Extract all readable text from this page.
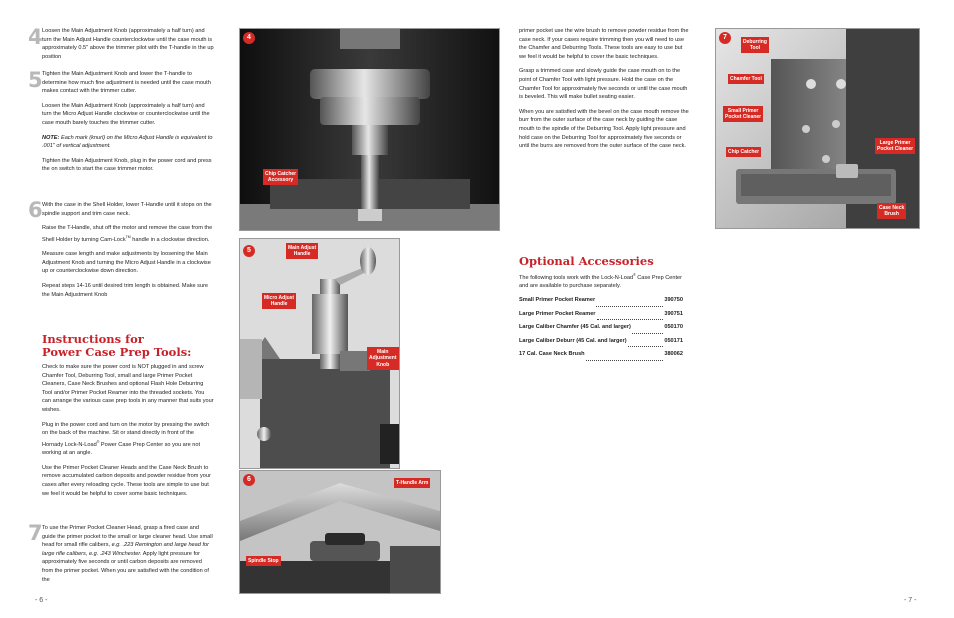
4 Loosen the Main Adjustment Knob (approximately a half turn) and turn the Main Adjust Handle counterclockwise until the case mouth is approximately 0.5" above the trimmer pilot with the T-handle in the up position

5 Tighten the Main Adjustment Knob and lower the T-handle to determine how much fine adjustment is needed until the case mouth makes contact with the trimmer cutter.

Loosen the Main Adjustment Knob (approximately a half turn) and turn the Micro Adjust Handle clockwise or counterclockwise until the case mouth barely touches the trimmer cutter.

NOTE: Each mark (knurl) on the Micro Adjust Handle is equivalent to .001" of vertical adjustment.

Tighten the Main Adjustment Knob, plug in the power cord and press the on switch to start the case trimmer motor.

6 With the case in the Shell Holder, lower T-Handle until it stops on the spindle support and trim case neck.

Raise the T-Handle, shut off the motor and remove the case from the Shell Holder by turning Cam-Lock™ handle in a clockwise direction.

Measure case length and make adjustments by loosening the Main Adjustment Knob and turning the Micro Adjust Handle in a clockwise up or counterclockwise down direction.

Repeat steps 14-16 until desired trim length is obtained. Make sure the Main Adjustment Knob

Instructions for
Power Case Prep Tools:

Check to make sure the power cord is NOT plugged in and screw Chamfer Tool, Deburring Tool, small and large Primer Pocket Cleaners, Case Neck Brushes and optional Flash Hole Deburring Tool and/or Primer Pocket Reamer into the threaded sockets. You can arrange the various case prep tools in any manner that suits your wishes.

Plug in the power cord and turn on the motor by pressing the switch on the back of the machine. Sit or stand directly in front of the Hornady Lock-N-Load® Power Case Prep Center so you are not working at an angle.

Use the Primer Pocket Cleaner Heads and the Case Neck Brush to remove accumulated carbon deposits and powder residue from your cases after every reloading cycle. These tools are simple to use but we feel it would be helpful to cover some basic techniques.

7 To use the Primer Pocket Cleaner Head, grasp a fired case and guide the primer pocket to the small or large cleaner head. Use small head for small rifle calibers, e.g. .223 Remington and large head for large rifle calibers, e.g. .243 Winchester. Apply light pressure for approximately five seconds or until carbon deposits are removed from the primer pocket. When you are satisfied with the condition of the

- 6 -
4
Chip Catcher
Accessory
5	Main Adjust
Handle
Micro Adjust
Handle
Main
Adjustment
Knob
6	T-Handle Arm
Spindle Stop

primer pocket use the wire brush to remove powder residue from the case neck. If your cases require trimming then you will need to use the Chamfer and Deburring Tools. These tools are easy to use but we feel it would be helpful to cover the basic techniques.

Grasp a trimmed case and slowly guide the case mouth on to the point of Chamfer Tool with light pressure. Hold the case on the Chamfer Tool for approximately five seconds or until the case mouth is beveled. This will make bullet seating easier.

When you are satisfied with the bevel on the case mouth remove the burr from the outer surface of the case neck by guiding the case mouth to the spindle of the Deburring Tool. Apply light pressure and hold case on the Deburring Tool for approximately five seconds or until the burrs are removed from the outer surface of the case neck.

Optional Accessories

The following tools work with the Lock-N-Load® Case Prep Center and are available to purchase separately.

Small Primer Pocket Reamer	390750
Large Primer Pocket Reamer	390751
Large Caliber Chamfer (45 Cal. and larger)	050170
Large Caliber Deburr (45 Cal. and larger)	050171
17 Cal. Case Neck Brush	380062
- 7 -
7
Deburring
Tool
Chamfer Tool
Small Primer
Pocket Cleaner
Chip Catcher
Large Primer
Pocket Cleaner
Case Neck
Brush
